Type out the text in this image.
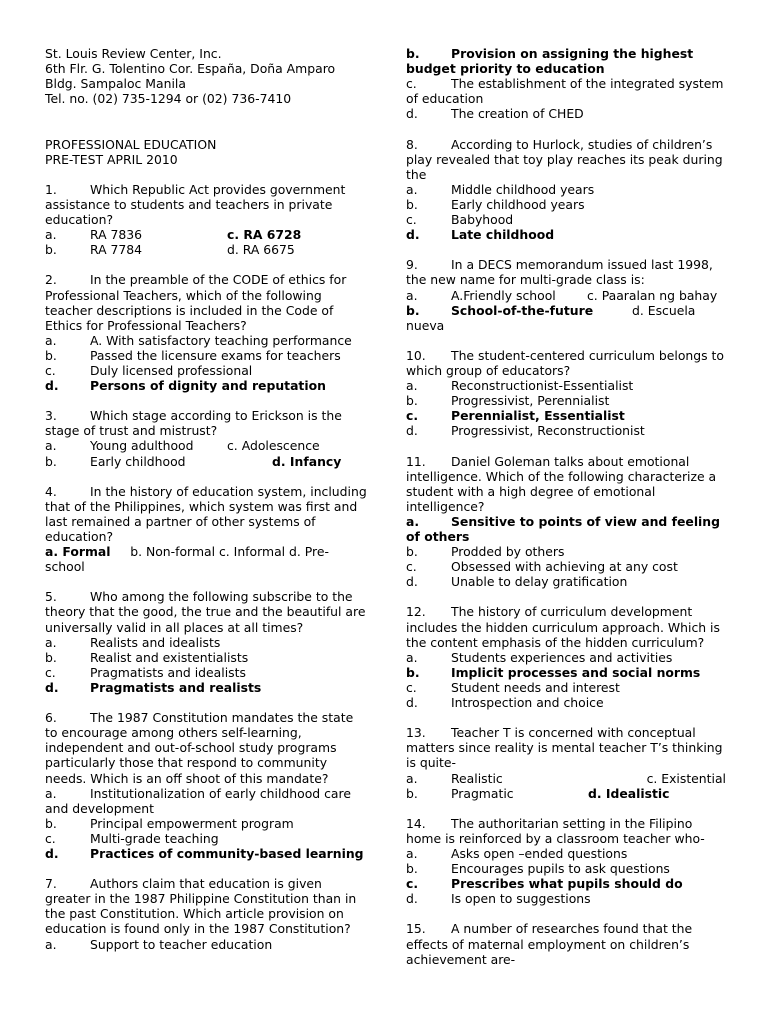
St. Louis Review Center, Inc.
6th Flr. G. Tolentino Cor. España, Doña Amparo
Bldg. Sampaloc Manila
Tel. no. (02) 735-1294 or (02) 736-7410
PROFESSIONAL EDUCATION
PRE-TEST APRIL 2010
1.	Which Republic Act provides government assistance to students and teachers in private education?
a.	RA 7836	c. RA 6728
b.	RA 7784	d. RA 6675
2.	In the preamble of the CODE of ethics for Professional Teachers, which of the following teacher descriptions is included in the Code of Ethics for Professional Teachers?
a.	A. With satisfactory teaching performance
b.	Passed the licensure exams for teachers
c.	Duly licensed professional
d.	Persons of dignity and reputation
3.	Which stage according to Erickson is the stage of trust and mistrust?
a.	Young adulthood	c. Adolescence
b.	Early childhood	d. Infancy
4.	In the history of education system, including that of the Philippines, which system was first and last remained a partner of other systems of education?
a. Formal b. Non-formal c. Informal d. Pre-school
5.	Who among the following subscribe to the theory that the good, the true and the beautiful are universally valid in all places at all times?
a.	Realists and idealists
b.	Realist and existentialists
c.	Pragmatists and idealists
d.	Pragmatists and realists
6.	The 1987 Constitution mandates the state to encourage among others self-learning, independent and out-of-school study programs particularly those that respond to community needs. Which is an off shoot of this mandate?
a.	Institutionalization of early childhood care and development
b.	Principal empowerment program
c.	Multi-grade teaching
d.	Practices of community-based learning
7.	Authors claim that education is given greater in the 1987 Philippine Constitution than in the past Constitution. Which article provision on education is found only in the 1987 Constitution?
a.	Support to teacher education
b.	Provision on assigning the highest budget priority to education
c.	The establishment of the integrated system of education
d.	The creation of CHED
8.	According to Hurlock, studies of children’s play revealed that toy play reaches its peak during the
a.	Middle childhood years
b.	Early childhood years
c.	Babyhood
d.	Late childhood
9.	In a DECS memorandum issued last 1998, the new name for multi-grade class is:
a.	A.Friendly school	c. Paaralan ng bahay
b.	School-of-the-future	d. Escuela nueva
10. The student-centered curriculum belongs to which group of educators?
a.	Reconstructionist-Essentialist
b.	Progressivist, Perennialist
c.	Perennialist, Essentialist
d.	Progressivist, Reconstructionist
11. Daniel Goleman talks about emotional intelligence. Which of the following characterize a student with a high degree of emotional intelligence?
a.	Sensitive to points of view and feeling of others
b.	Prodded by others
c.	Obsessed with achieving at any cost
d.	Unable to delay gratification
12. The history of curriculum development includes the hidden curriculum approach. Which is the content emphasis of the hidden curriculum?
a.	Students experiences and activities
b.	Implicit processes and social norms
c.	Student needs and interest
d.	Introspection and choice
13. Teacher T is concerned with conceptual matters since reality is mental teacher T’s thinking is quite-
a.	Realistic	c. Existential
b.	Pragmatic	d. Idealistic
14. The authoritarian setting in the Filipino home is reinforced by a classroom teacher who-
a.	Asks open –ended questions
b.	Encourages pupils to ask questions
c.	Prescribes what pupils should do
d.	Is open to suggestions
15. A number of researches found that the effects of maternal employment on children’s achievement are-
